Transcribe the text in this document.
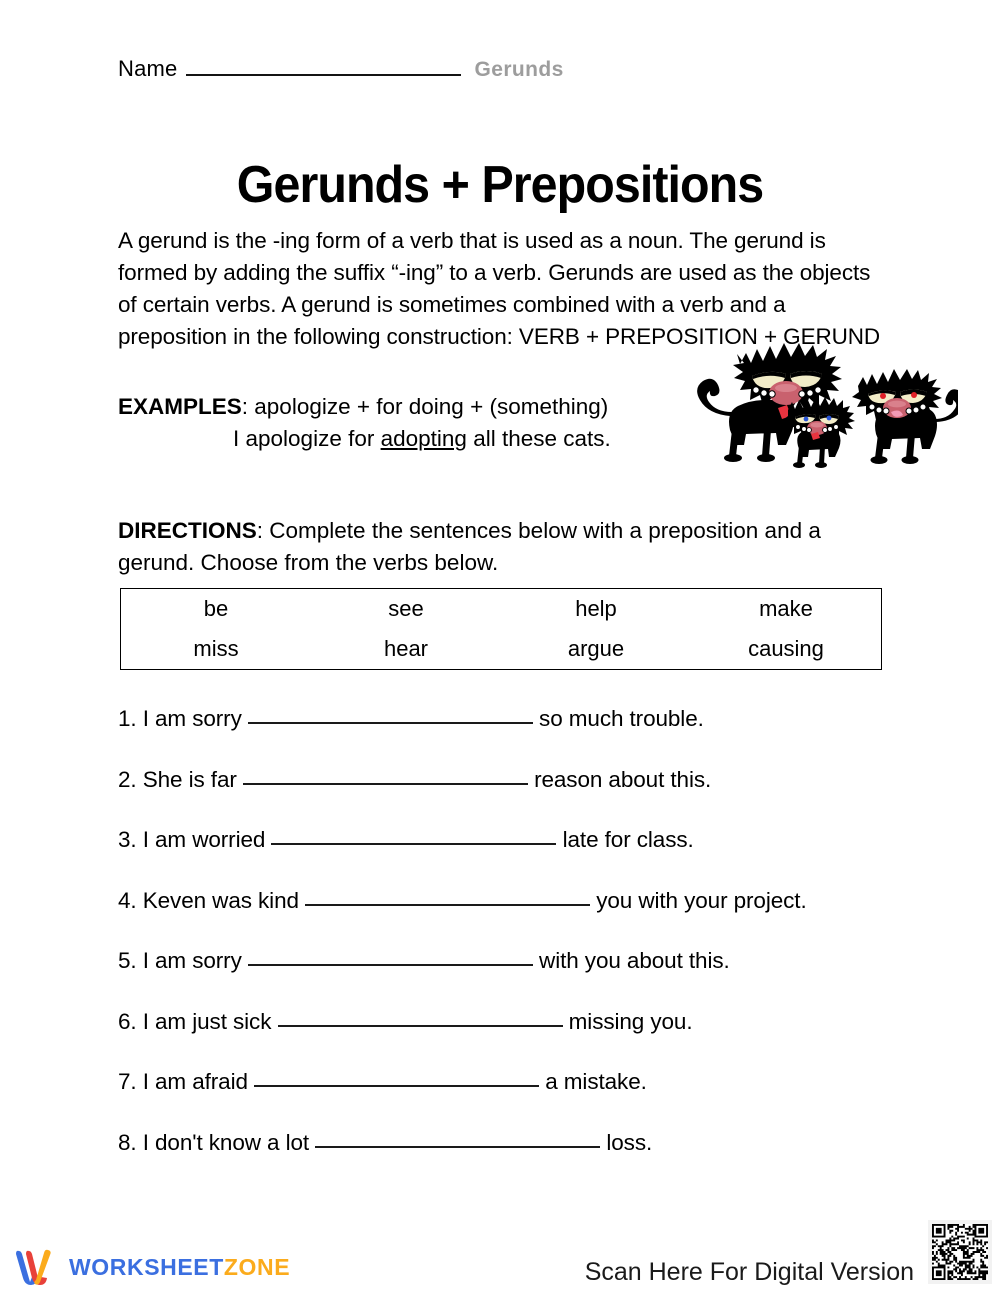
Name	Gerunds
Gerunds + Prepositions

A gerund is the -ing form of a verb that is used as a noun. The gerund is formed by adding the suffix “-ing” to a verb. Gerunds are used as the objects of certain verbs. A gerund is sometimes combined with a verb and a preposition in the following construction: VERB + PREPOSITION + GERUND

EXAMPLES: apologize + for doing + (something)
I apologize for adopting all these cats.

DIRECTIONS: Complete the sentences below with a preposition and a gerund. Choose from the verbs below.

be	see	help	make
miss	hear	argue	causing
1. I am sorry	so much trouble.
2. She is far	reason about this.
3. I am worried	late for class.
4. Keven was kind	you with your project.
5. I am sorry	with you about this.
6. I am just sick	missing you.
7. I am afraid	a mistake.
8. I don't know a lot	loss.
WORKSHEETZONE	Scan Here For Digital Version
